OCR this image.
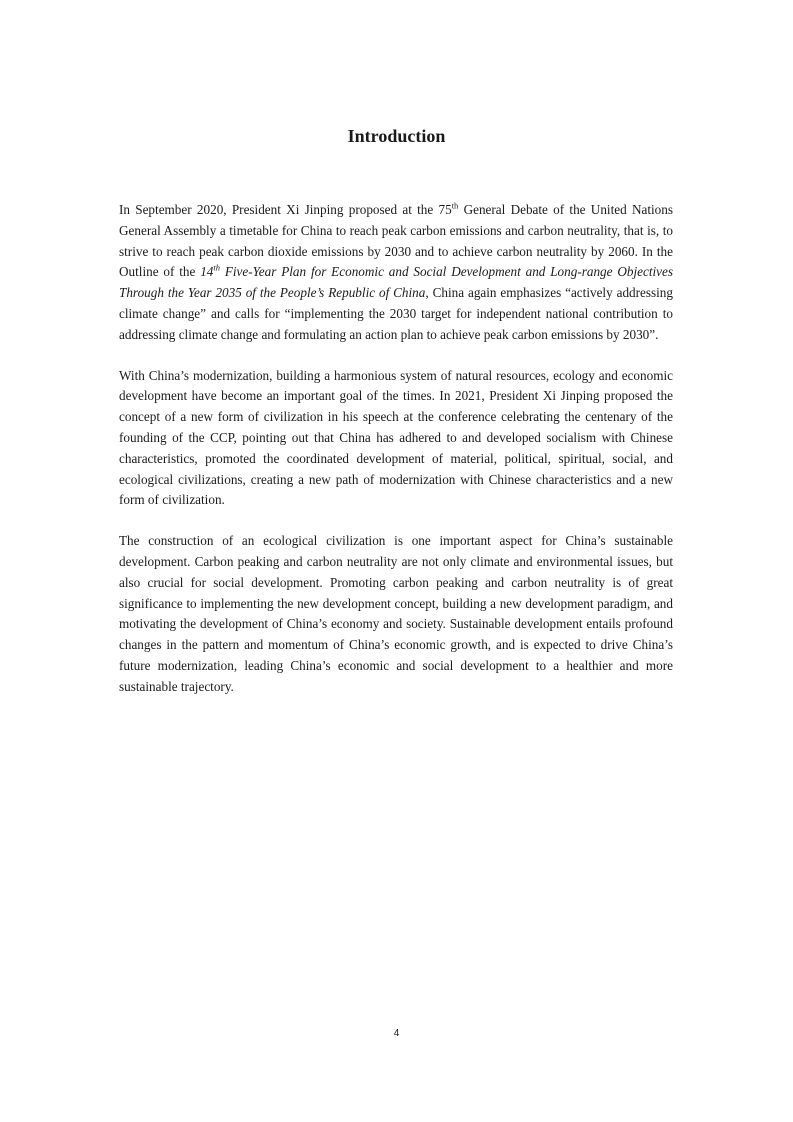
Introduction

In September 2020, President Xi Jinping proposed at the 75th General Debate of the United Nations General Assembly a timetable for China to reach peak carbon emissions and carbon neutrality, that is, to strive to reach peak carbon dioxide emissions by 2030 and to achieve carbon neutrality by 2060. In the Outline of the 14th Five-Year Plan for Economic and Social Development and Long-range Objectives Through the Year 2035 of the People’s Republic of China, China again emphasizes “actively addressing climate change” and calls for “implementing the 2030 target for independent national contribution to addressing climate change and formulating an action plan to achieve peak carbon emissions by 2030”.

With China’s modernization, building a harmonious system of natural resources, ecology and economic development have become an important goal of the times. In 2021, President Xi Jinping proposed the concept of a new form of civilization in his speech at the conference celebrating the centenary of the founding of the CCP, pointing out that China has adhered to and developed socialism with Chinese characteristics, promoted the coordinated development of material, political, spiritual, social, and ecological civilizations, creating a new path of modernization with Chinese characteristics and a new form of civilization.

The construction of an ecological civilization is one important aspect for China’s sustainable development. Carbon peaking and carbon neutrality are not only climate and environmental issues, but also crucial for social development. Promoting carbon peaking and carbon neutrality is of great significance to implementing the new development concept, building a new development paradigm, and motivating the development of China’s economy and society. Sustainable development entails profound changes in the pattern and momentum of China’s economic growth, and is expected to drive China’s future modernization, leading China’s economic and social development to a healthier and more sustainable trajectory.

4
